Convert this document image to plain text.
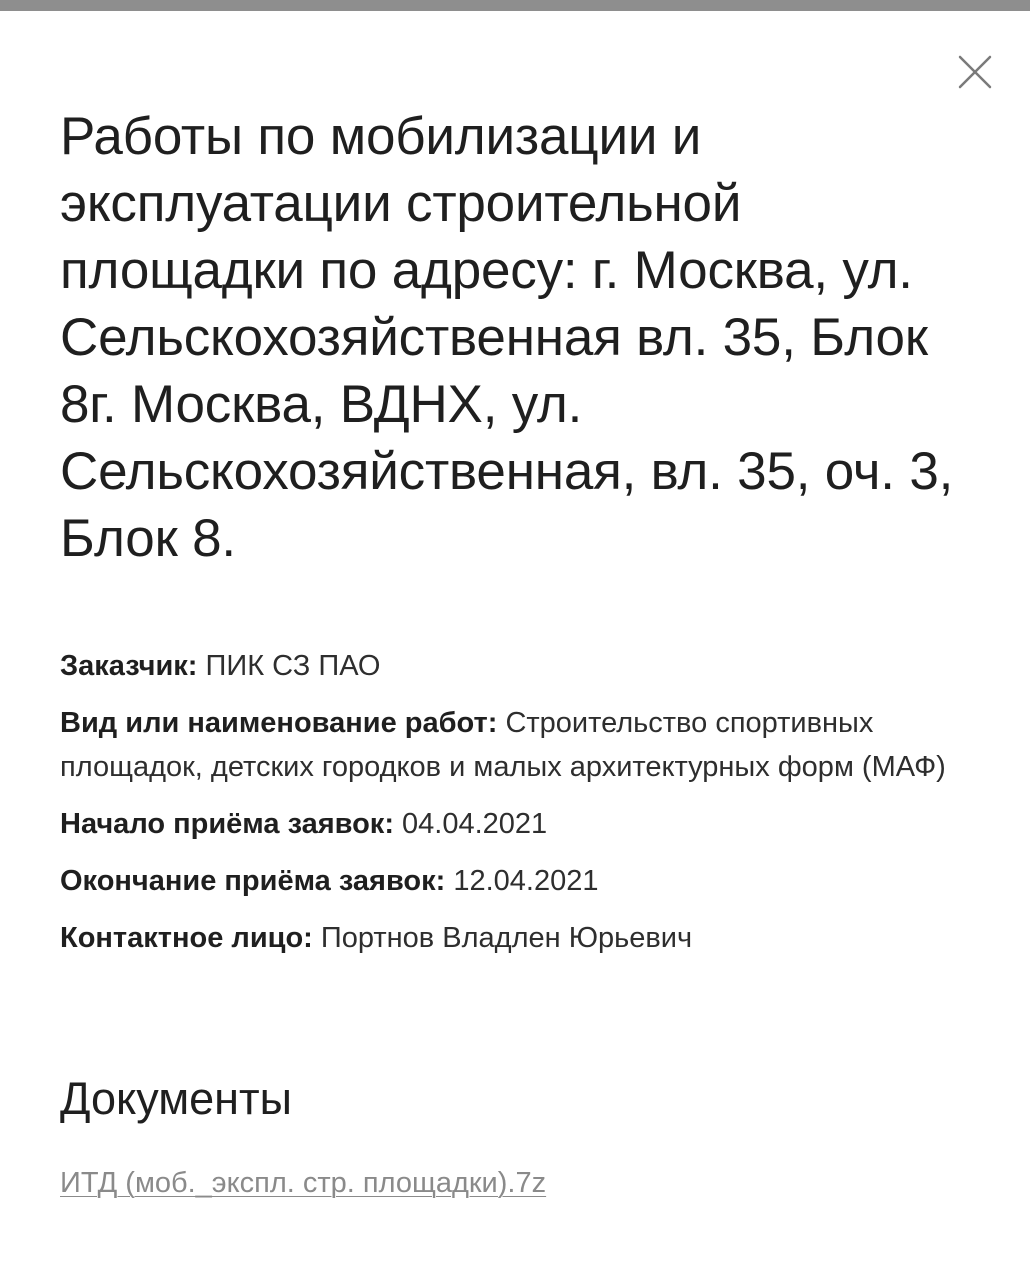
Работы по мобилизации и эксплуатации строительной площадки по адресу: г. Москва, ул. Сельскохозяйственная вл. 35, Блок 8г. Москва, ВДНХ, ул. Сельскохозяйственная, вл. 35, оч. 3, Блок 8.

Заказчик: ПИК СЗ ПАО

Вид или наименование работ: Строительство спортивных площадок, детских городков и малых архитектурных форм (МАФ)

Начало приёма заявок: 04.04.2021

Окончание приёма заявок: 12.04.2021

Контактное лицо: Портнов Владлен Юрьевич

Документы
ИТД (моб._экспл. стр. площадки).7z
